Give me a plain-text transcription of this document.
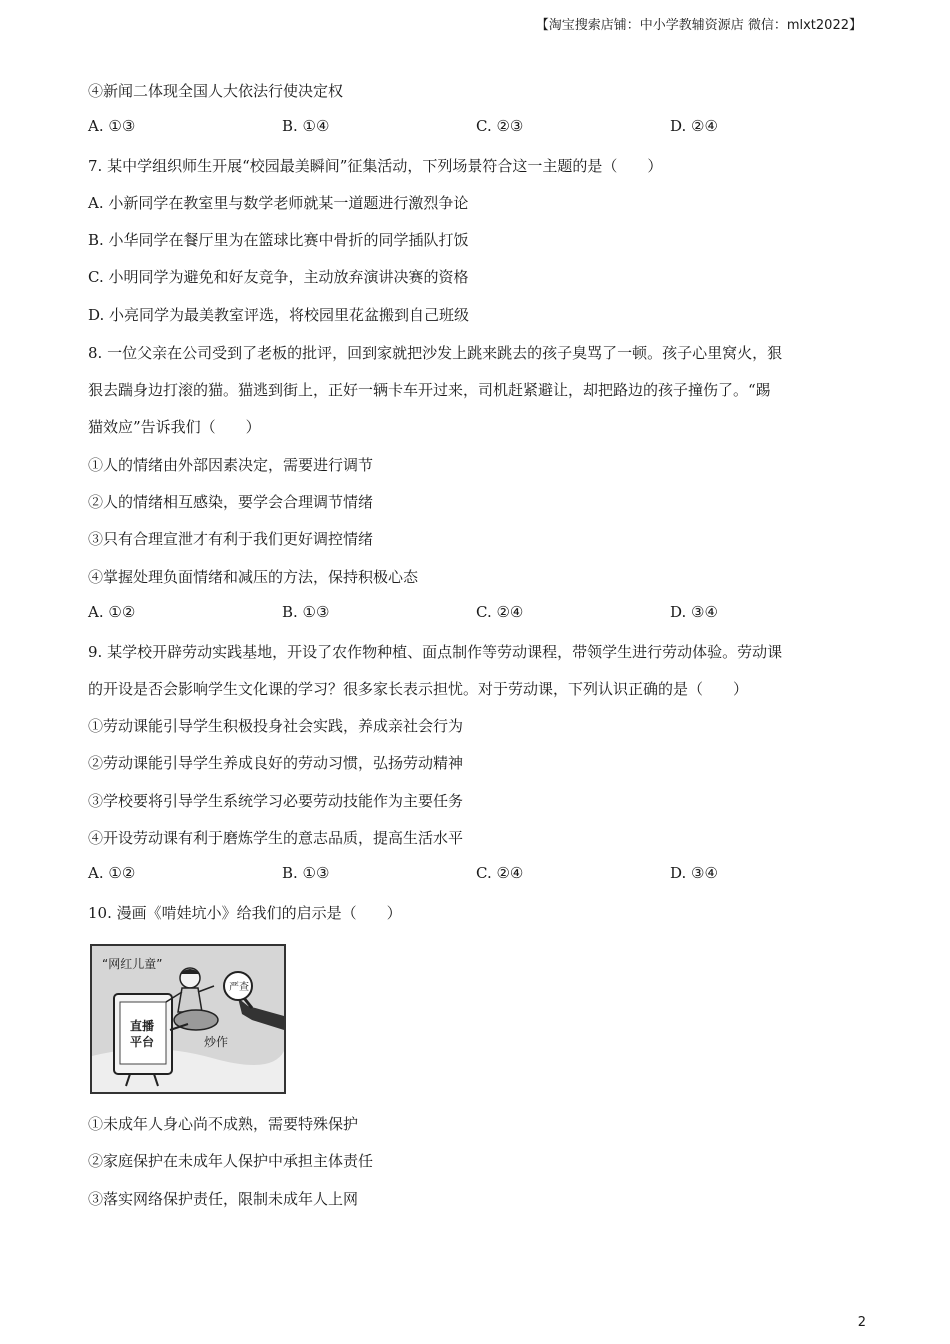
【淘宝搜索店铺：中小学教辅资源店 微信：mlxt2022】
④新闻二体现全国人大依法行使决定权
A. ①③	B. ①④	C. ②③	D. ②④
7. 某中学组织师生开展“校园最美瞬间”征集活动，下列场景符合这一主题的是（　　）
A. 小新同学在教室里与数学老师就某一道题进行激烈争论
B. 小华同学在餐厅里为在篮球比赛中骨折的同学插队打饭
C. 小明同学为避免和好友竞争，主动放弃演讲决赛的资格
D. 小亮同学为最美教室评选，将校园里花盆搬到自己班级
8. 一位父亲在公司受到了老板的批评，回到家就把沙发上跳来跳去的孩子臭骂了一顿。孩子心里窝火，狠
狠去踹身边打滚的猫。猫逃到街上，正好一辆卡车开过来，司机赶紧避让，却把路边的孩子撞伤了。“踢
猫效应”告诉我们（　　）
①人的情绪由外部因素决定，需要进行调节
②人的情绪相互感染，要学会合理调节情绪
③只有合理宣泄才有利于我们更好调控情绪
④掌握处理负面情绪和减压的方法，保持积极心态
A. ①②	B. ①③	C. ②④	D. ③④
9. 某学校开辟劳动实践基地，开设了农作物种植、面点制作等劳动课程，带领学生进行劳动体验。劳动课
的开设是否会影响学生文化课的学习？很多家长表示担忧。对于劳动课，下列认识正确的是（　　）
①劳动课能引导学生积极投身社会实践，养成亲社会行为
②劳动课能引导学生养成良好的劳动习惯，弘扬劳动精神
③学校要将引导学生系统学习必要劳动技能作为主要任务
④开设劳动课有利于磨炼学生的意志品质，提高生活水平
A. ①②	B. ①③	C. ②④	D. ③④
10. 漫画《啃娃坑小》给我们的启示是（　　）
“网红儿童”
严查
直播
平台	炒作
①未成年人身心尚不成熟，需要特殊保护
②家庭保护在未成年人保护中承担主体责任
③落实网络保护责任，限制未成年人上网
2
